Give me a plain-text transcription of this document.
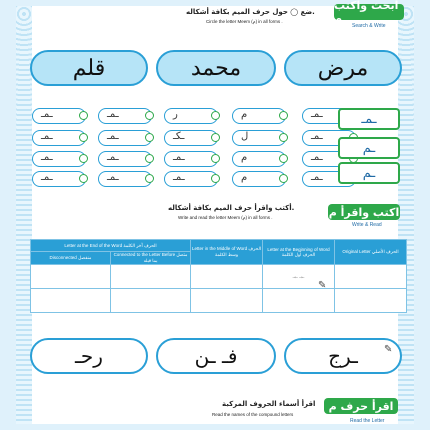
ابحث واكتب م
Search & Write
ضع ◯ حول حرف الميم بكافة أشكاله.
Circle the letter Meem (م) in all forms .
مرض
محمد
قلم
ـمـ
م
ر
ـمـ
ـمـ
ـمـ
ل
ـكـ
ـمـ
ـمـ
ـمـ
م
ـمـ
ـمـ
ـمـ
ـمـ
م
ـمـ
ـمـ
ـمـ
ـمـ
ـم
ـم
اكتب واقرأ م
Write & Read
أكتب واقرأ حرف الميم بكافة أشكاله.
Write and read the letter Meem (م) in all forms .
Letter at the End of the Word الحرف آخر الكلمة		Letter in the Middle of Word الحرف وسط الكلمة	Letter at the Beginning of Word الحرف أول الكلمة	Original Letter الحرف الأصلي
Disconnected منفصل	Connected to the Letter Before متصل بما قبله			
			ـمـ ـمـ	

✎
ـرج
فـ ـن
رحـ	✎
اقرأ حرف م
Read the Letter
اقرأ أسماء الحروف المركبة
Read the names of the compound letters
